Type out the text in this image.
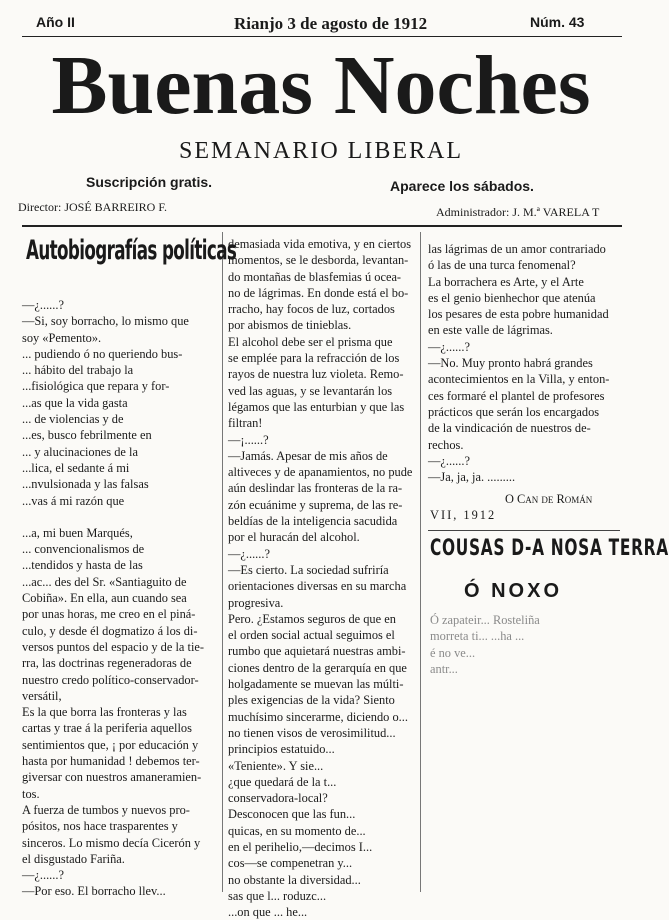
Año II	Rianjo 3 de agosto de 1912	Núm. 43
Buenas Noches
SEMANARIO LIBERAL
Suscripción gratis.	Aparece los sábados.
Director: JOSÉ BARREIRO F.	Administrador: J. M.ª VARELA T
Autobiografías políticas
—¿......?
—Si, soy borracho, lo mismo que
soy «Pemento».
... pudiendo ó no queriendo bus-
... hábito del trabajo la
...fisiológica que repara y for-
...as que la vida gasta
... de violencias y de
...es, busco febrilmente en
... y alucinaciones de la
...lica, el sedante á mi
...nvulsionada y las falsas
...vas á mi razón que
...a, mi buen Marqués,
... convencionalismos de
...tendidos y hasta de las
...ac... des del Sr. «Santiaguito de
Cobiña». En ella, aun cuando sea
por unas horas, me creo en el piná-
culo, y desde él dogmatizo á los di-
versos puntos del espacio y de la tie-
rra, las doctrinas regeneradoras de
nuestro credo político-conservador-
versátil,
Es la que borra las fronteras y las
cartas y trae á la periferia aquellos
sentimientos que, ¡ por educación y
hasta por humanidad ! debemos ter-
giversar con nuestros amaneramien-
tos.
A fuerza de tumbos y nuevos pro-
pósitos, nos hace trasparentes y
sinceros. Lo mismo decía Cicerón y
el disgustado Fariña.
—¿......?
—Por eso. El borracho llev...
demasiada vida emotiva, y en ciertos
momentos, se le desborda, levantan-
do montañas de blasfemias ú ocea-
no de lágrimas. En donde está el bo-
rracho, hay focos de luz, cortados
por abismos de tinieblas.
El alcohol debe ser el prisma que
se emplée para la refracción de los
rayos de nuestra luz violeta. Remo-
ved las aguas, y se levantarán los
légamos que las enturbian y que las
filtran!
—¡......?
—Jamás. Apesar de mis años de
altiveces y de apanamientos, no pude
aún deslindar las fronteras de la ra-
zón ecuánime y suprema, de las re-
beldías de la inteligencia sacudida
por el huracán del alcohol.
—¿......?
—Es cierto. La sociedad sufriría
orientaciones diversas en su marcha
progresiva.
Pero. ¿Estamos seguros de que en
el orden social actual seguimos el
rumbo que aquietará nuestras ambi-
ciones dentro de la gerarquía en que
holgadamente se muevan las múlti-
ples exigencias de la vida? Siento
muchísimo sincerarme, diciendo o...
no tienen visos de verosimilitud...
principios estatuido...
«Teniente». Y sie...
¿que quedará de la t...
conservadora-local?
Desconocen que las fun...
quicas, en su momento de...
en el perihelio,—decimos I...
cos—se compenetran y...
no obstante la diversidad...
sas que l... roduzc...
...on que ... he...
las lágrimas de un amor contrariado
ó las de una turca fenomenal?
La borrachera es Arte, y el Arte
es el genio bienhechor que atenúa
los pesares de esta pobre humanidad
en este valle de lágrimas.
—¿......?
—No. Muy pronto habrá grandes
acontecimientos en la Villa, y enton-
ces formaré el plantel de profesores
prácticos que serán los encargados
de la vindicación de nuestros de-
rechos.
—¿......?
—Ja, ja, ja. .........
O Can de Román
VII, 1912
COUSAS D-A NOSA TERRA
Ó NOXO
Ó zapateir... Rosteliña
morreta ti... ...ha ...
é no ve...
antr...
